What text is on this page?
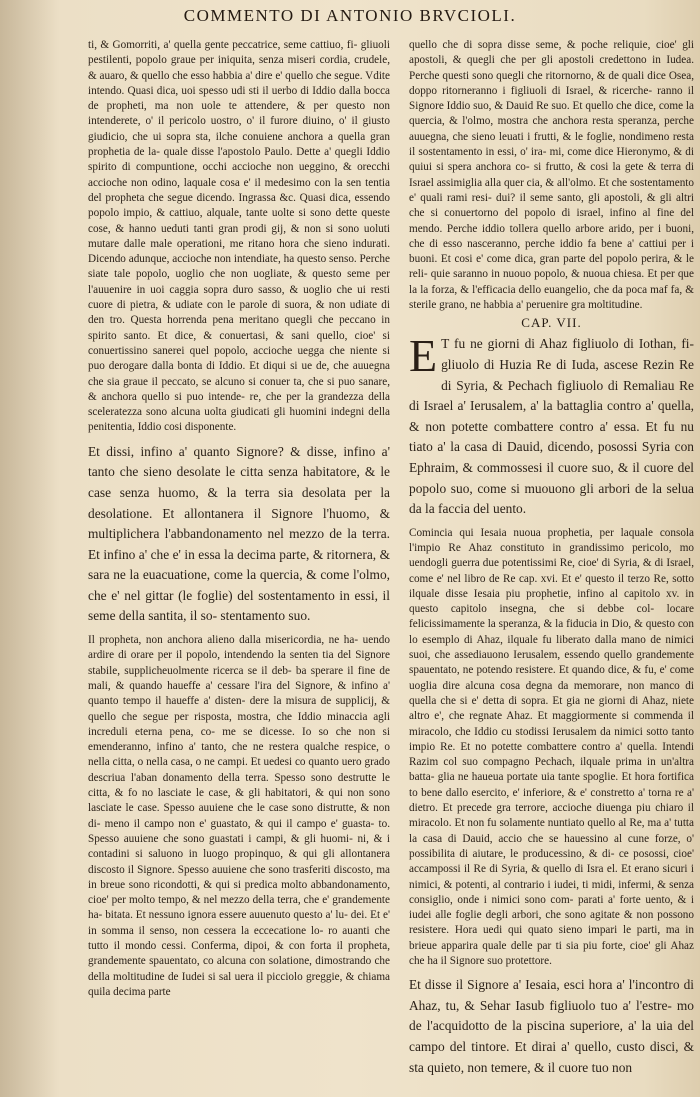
COMMENTO DI ANTONIO BRVCIOLI.

ti, & Gomorriti, a' quella gente peccatrice, seme cattiuo, fi- gliuoli pestilenti, popolo graue per iniquita, senza miseri cordia, crudele, & auaro, & quello che esso habbia a' dire e' quello che segue. Vdite intendo. Quasi dica, uoi spesso udi sti il uerbo di Iddio dalla bocca de propheti, ma non uole te attendere, & per questo non intenderete, o' il pericolo uostro, o' il furore diuino, o' il giusto giudicio, che ui sopra sta, ilche conuiene anchora a quella gran prophetia de la- quale disse l'apostolo Paulo. Dette a' quegli Iddio spirito di compuntione, occhi accioche non ueggino, & orecchi accioche non odino, laquale cosa e' il medesimo con la sen tentia del propheta che segue dicendo. Ingrassa &c. Quasi dica, essendo popolo impio, & cattiuo, alquale, tante uolte si sono dette queste cose, & hanno ueduti tanti gran prodi gij, & non si sono uoluti mutare dalle male operationi, me ritano hora che sieno indurati. Dicendo adunque, accioche non intendiate, ha questo senso. Perche siate tale popolo, uoglio che non uogliate, & questo seme per l'auuenire in uoi caggia sopra duro sasso, & uoglio che ui resti cuore di pietra, & udiate con le parole di suora, & non udiate di den tro. Questa horrenda pena meritano quegli che peccano in spirito santo. Et dice, & conuertasi, & sani quello, cioe' si conuertissino sanerei quel popolo, accioche uegga che niente si puo derogare dalla bonta di Iddio. Et diqui si ue de, che auuegna che sia graue il peccato, se alcuno si conuer ta, che si puo sanare, & anchora quello si puo intende- re, che per la grandezza della sceleratezza sono alcuna uolta giudicati gli huomini indegni della penitentia, Iddio cosi disponente.

Et dissi, infino a' quanto Signore? & disse, infino a' tanto che sieno desolate le citta senza habitatore, & le case senza huomo, & la terra sia desolata per la desolatione. Et allontanera il Signore l'huomo, & multiplichera l'abbandonamento nel mezzo de la terra. Et infino a' che e' in essa la decima parte, & ritornera, & sara ne la euacuatione, come la quercia, & come l'olmo, che e' nel gittar (le foglie) del sostentamento in essi, il seme della santita, il so- stentamento suo.

Il propheta, non anchora alieno dalla misericordia, ne ha- uendo ardire di orare per il popolo, intendendo la senten tia del Signore stabile, supplicheuolmente ricerca se il deb- ba sperare il fine de mali, & quando haueffe a' cessare l'ira del Signore, & infino a' quanto tempo il haueffe a' disten- dere la misura de supplicij, & quello che segue per risposta, mostra, che Iddio minaccia agli increduli eterna pena, co- me se dicesse. Io so che non si emenderanno, infino a' tanto, che ne restera qualche respice, o nella citta, o nella casa, o ne campi. Et uedesi co quanto uero grado descriua l'aban donamento della terra. Spesso sono destrutte le citta, & fo no lasciate le case, & gli habitatori, & qui non sono lasciate le case. Spesso auuiene che le case sono distrutte, & non di- meno il campo non e' guastato, & qui il campo e' guasta- to. Spesso auuiene che sono guastati i campi, & gli huomi- ni, & i contadini si saluono in luogo propinquo, & qui gli allontanera discosto il Signore. Spesso auuiene che sono trasferiti discosto, ma in breue sono ricondotti, & qui si predica molto abbandonamento, cioe' per molto tempo, & nel mezzo della terra, che e' grandemente ha- bitata. Et nessuno ignora essere auuenuto questo a' lu- dei. Et e' in somma il senso, non cessera la eccecatione lo- ro auanti che tutto il mondo cessi. Conferma, dipoi, & con forta il propheta, grandemente spauentato, co alcuna con solatione, dimostrando che della moltitudine de Iudei si sal uera il picciolo greggie, & chiama quila decima parte

quello che di sopra disse seme, & poche reliquie, cioe' gli apostoli, & quegli che per gli apostoli credettono in Iudea. Perche questi sono quegli che ritornorno, & de quali dice Osea, doppo ritorneranno i figliuoli di Israel, & ricerche- ranno il Signore Iddio suo, & Dauid Re suo. Et quello che dice, come la quercia, & l'olmo, mostra che anchora resta speranza, perche auuegna, che sieno leuati i frutti, & le foglie, nondimeno resta il sostentamento in essi, o' ira- mi, come dice Hieronymo, & di quiui si spera anchora co- si frutto, & cosi la gete & terra di Israel assimiglia alla quer cia, & all'olmo. Et che sostentamento e' quali rami resi- dui? il seme santo, gli apostoli, & gli altri che si conuertorno del popolo di israel, infino al fine del mendo. Perche iddio tollera quello arbore arido, per i buoni, che di esso nasceranno, perche iddio fa bene a' cattiui per i buoni. Et cosi e' come dica, gran parte del popolo perira, & le reli- quie saranno in nuouo popolo, & nuoua chiesa. Et per que la la forza, & l'efficacia dello euangelio, che da poca maf fa, & sterile grano, ne habbia a' peruenire gra moltitudine.

CAP. VII.
E T fu ne giorni di Ahaz figliuolo di Iothan, fi- gliuolo di Huzia Re di Iuda, ascese Rezin Re di Syria, & Pechach figliuolo di Remaliau Re di Israel a' Ierusalem, a' la battaglia contro a' quella, & non potette combattere contro a' essa. Et fu nu tiato a' la casa di Dauid, dicendo, posossi Syria con Ephraim, & commossesi il cuore suo, & il cuore del popolo suo, come si muouono gli arbori de la selua da la faccia del uento.

Comincia qui Iesaia nuoua prophetia, per laquale consola l'impio Re Ahaz constituto in grandissimo pericolo, mo uendogli guerra due potentissimi Re, cioe' di Syria, & di Israel, come e' nel libro de Re cap. xvi. Et e' questo il terzo Re, sotto ilquale disse Iesaia piu prophetie, infino al capitolo xv. in questo capitolo insegna, che si debbe col- locare felicissimamente la speranza, & la fiducia in Dio, & questo con lo esemplo di Ahaz, ilquale fu liberato dalla mano de nimici suoi, che assediauono Ierusalem, essendo quello grandemente spauentato, ne potendo resistere. Et quando dice, & fu, e' come uoglia dire alcuna cosa degna da memorare, non manco di quella che si e' detta di sopra. Et gia ne giorni di Ahaz, niete altro e', che regnate Ahaz. Et maggiormente si commenda il miracolo, che Iddio cu stodissi Ierusalem da nimici sotto tanto impio Re. Et no potette combattere contro a' quella. Intendi Razim col suo compagno Pechach, ilquale prima in un'altra batta- glia ne haueua portate uia tante spoglie. Et hora fortifica to bene dallo esercito, e' inferiore, & e' constretto a' torna re a' dietro. Et precede gra terrore, accioche diuenga piu chiaro il miracolo. Et non fu solamente nuntiato quello al Re, ma a' tutta la casa di Dauid, accio che se hauessino al cune forze, o' possibilita di aiutare, le producessino, & di- ce posossi, cioe' accampossi il Re di Syria, & quello di Isra el. Et erano sicuri i nimici, & potenti, al contrario i iudei, ti midi, infermi, & senza consiglio, onde i nimici sono com- parati a' forte uento, & i iudei alle foglie degli arbori, che sono agitate & non possono resistere. Hora uedi qui quato sieno impari le parti, ma in brieue apparira quale delle par ti sia piu forte, cioe' gli Ahaz che ha il Signore suo protettore.

Et disse il Signore a' Iesaia, esci hora a' l'incontro di Ahaz, tu, & Sehar Iasub figliuolo tuo a' l'estre- mo de l'acquidotto de la piscina superiore, a' la uia del campo del tintore. Et dirai a' quello, custo disci, & sta quieto, non temere, & il cuore tuo non
